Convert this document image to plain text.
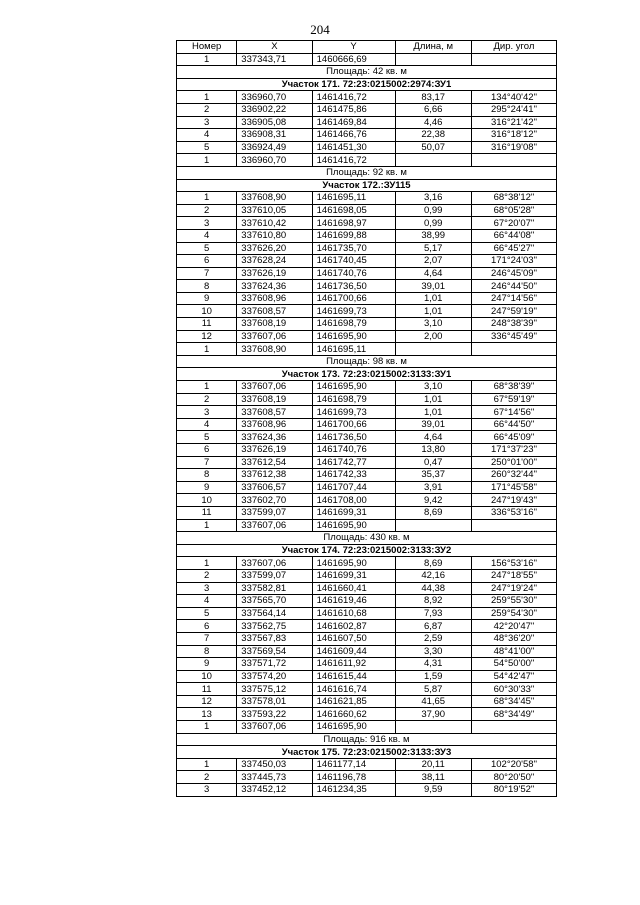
204
Номер	X	Y	Длина, м	Дир. угол
1	337343,71	1460666,69		
Площадь: 42 кв. м				
Участок 171. 72:23:0215002:2974:ЗУ1				
1	336960,70	1461416,72	83,17	134°40'42"
2	336902,22	1461475,86	6,66	295°24'41"
3	336905,08	1461469,84	4,46	316°21'42"
4	336908,31	1461466,76	22,38	316°18'12"
5	336924,49	1461451,30	50,07	316°19'08"
1	336960,70	1461416,72		
Площадь: 92 кв. м				
Участок 172.:ЗУ115				
1	337608,90	1461695,11	3,16	68°38'12"
2	337610,05	1461698,05	0,99	68°05'28"
3	337610,42	1461698,97	0,99	67°20'07"
4	337610,80	1461699,88	38,99	66°44'08"
5	337626,20	1461735,70	5,17	66°45'27"
6	337628,24	1461740,45	2,07	171°24'03"
7	337626,19	1461740,76	4,64	246°45'09"
8	337624,36	1461736,50	39,01	246°44'50"
9	337608,96	1461700,66	1,01	247°14'56"
10	337608,57	1461699,73	1,01	247°59'19"
11	337608,19	1461698,79	3,10	248°38'39"
12	337607,06	1461695,90	2,00	336°45'49"
1	337608,90	1461695,11		
Площадь: 98 кв. м				
Участок 173. 72:23:0215002:3133:ЗУ1				
1	337607,06	1461695,90	3,10	68°38'39"
2	337608,19	1461698,79	1,01	67°59'19"
3	337608,57	1461699,73	1,01	67°14'56"
4	337608,96	1461700,66	39,01	66°44'50"
5	337624,36	1461736,50	4,64	66°45'09"
6	337626,19	1461740,76	13,80	171°37'23"
7	337612,54	1461742,77	0,47	250°01'00"
8	337612,38	1461742,33	35,37	260°32'44"
9	337606,57	1461707,44	3,91	171°45'58"
10	337602,70	1461708,00	9,42	247°19'43"
11	337599,07	1461699,31	8,69	336°53'16"
1	337607,06	1461695,90		
Площадь: 430 кв. м				
Участок 174. 72:23:0215002:3133:ЗУ2				
1	337607,06	1461695,90	8,69	156°53'16"
2	337599,07	1461699,31	42,16	247°18'55"
3	337582,81	1461660,41	44,38	247°19'24"
4	337565,70	1461619,46	8,92	259°55'30"
5	337564,14	1461610,68	7,93	259°54'30"
6	337562,75	1461602,87	6,87	42°20'47"
7	337567,83	1461607,50	2,59	48°36'20"
8	337569,54	1461609,44	3,30	48°41'00"
9	337571,72	1461611,92	4,31	54°50'00"
10	337574,20	1461615,44	1,59	54°42'47"
11	337575,12	1461616,74	5,87	60°30'33"
12	337578,01	1461621,85	41,65	68°34'45"
13	337593,22	1461660,62	37,90	68°34'49"
1	337607,06	1461695,90		
Площадь: 916 кв. м				
Участок 175. 72:23:0215002:3133:ЗУ3				
1	337450,03	1461177,14	20,11	102°20'58"
2	337445,73	1461196,78	38,11	80°20'50"
3	337452,12	1461234,35	9,59	80°19'52"
